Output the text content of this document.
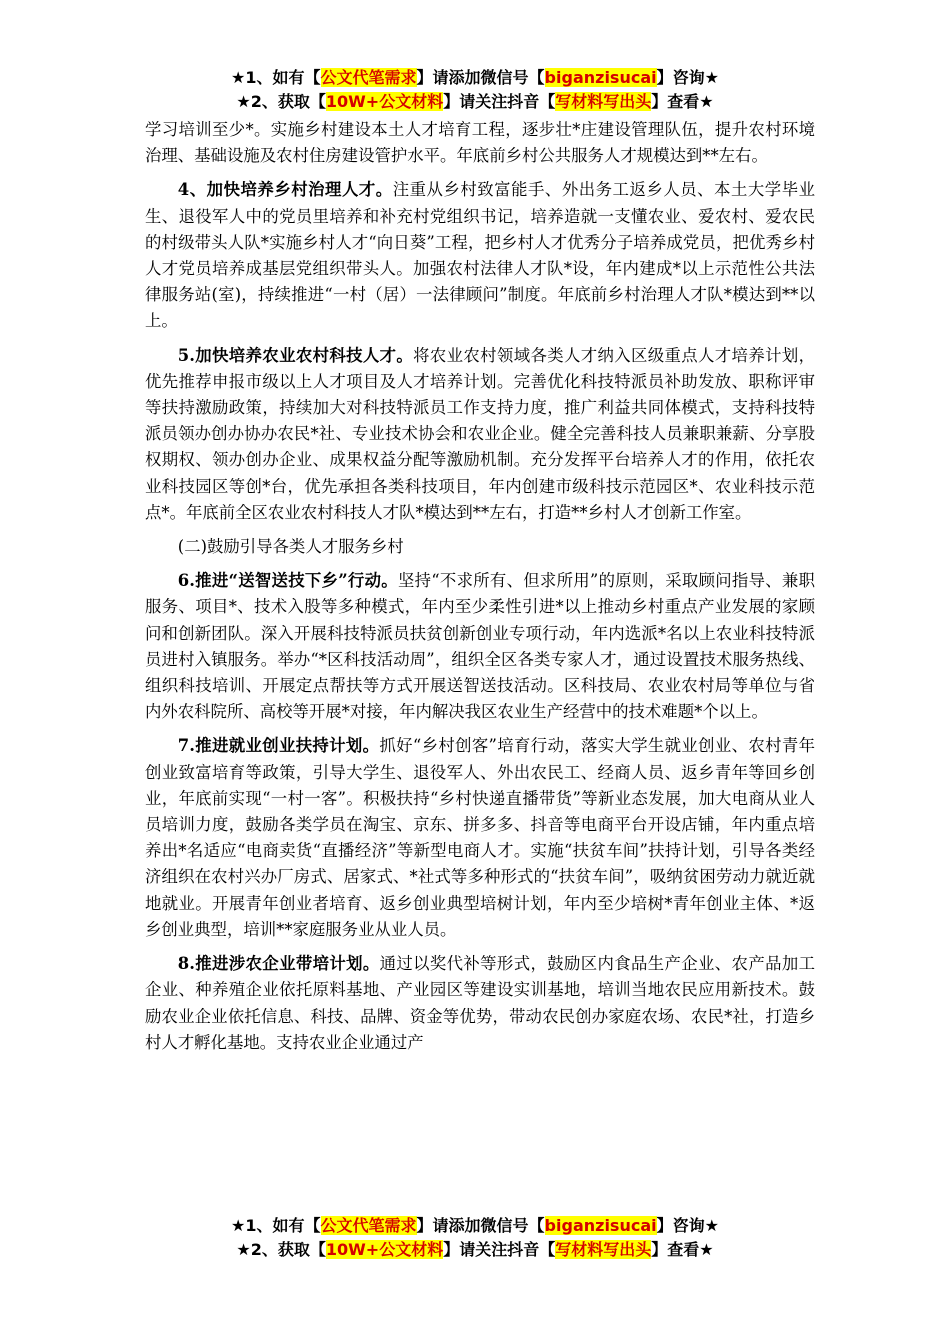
★1、如有【公文代笔需求】请添加微信号【biganzisucai】咨询★
★2、获取【10W+公文材料】请关注抖音【写材料写出头】查看★

学习培训至少*。实施乡村建设本土人才培育工程，逐步壮*庄建设管理队伍，提升农村环境治理、基础设施及农村住房建设管护水平。年底前乡村公共服务人才规模达到**左右。

4、加快培养乡村治理人才。注重从乡村致富能手、外出务工返乡人员、本土大学毕业生、退役军人中的党员里培养和补充村党组织书记，培养造就一支懂农业、爱农村、爱农民的村级带头人队*实施乡村人才“向日葵”工程，把乡村人才优秀分子培养成党员，把优秀乡村人才党员培养成基层党组织带头人。加强农村法律人才队*设，年内建成*以上示范性公共法律服务站(室)，持续推进“一村（居）一法律顾问”制度。年底前乡村治理人才队*模达到**以上。

5.加快培养农业农村科技人才。将农业农村领域各类人才纳入区级重点人才培养计划，优先推荐申报市级以上人才项目及人才培养计划。完善优化科技特派员补助发放、职称评审等扶持激励政策，持续加大对科技特派员工作支持力度，推广利益共同体模式，支持科技特派员领办创办协办农民*社、专业技术协会和农业企业。健全完善科技人员兼职兼薪、分享股权期权、领办创办企业、成果权益分配等激励机制。充分发挥平台培养人才的作用，依托农业科技园区等创*台，优先承担各类科技项目，年内创建市级科技示范园区*、农业科技示范点*。年底前全区农业农村科技人才队*模达到**左右，打造**乡村人才创新工作室。

(二)鼓励引导各类人才服务乡村

6.推进“送智送技下乡”行动。坚持“不求所有、但求所用”的原则，采取顾问指导、兼职服务、项目*、技术入股等多种模式，年内至少柔性引进*以上推动乡村重点产业发展的家顾问和创新团队。深入开展科技特派员扶贫创新创业专项行动，年内选派*名以上农业科技特派员进村入镇服务。举办“*区科技活动周”，组织全区各类专家人才，通过设置技术服务热线、组织科技培训、开展定点帮扶等方式开展送智送技活动。区科技局、农业农村局等单位与省内外农科院所、高校等开展*对接，年内解决我区农业生产经营中的技术难题*个以上。

7.推进就业创业扶持计划。抓好“乡村创客”培育行动，落实大学生就业创业、农村青年创业致富培育等政策，引导大学生、退役军人、外出农民工、经商人员、返乡青年等回乡创业，年底前实现“一村一客”。积极扶持“乡村快递直播带货”等新业态发展，加大电商从业人员培训力度，鼓励各类学员在淘宝、京东、拼多多、抖音等电商平台开设店铺，年内重点培养出*名适应“电商卖货“直播经济”等新型电商人才。实施“扶贫车间”扶持计划，引导各类经济组织在农村兴办厂房式、居家式、*社式等多种形式的“扶贫车间”，吸纳贫困劳动力就近就地就业。开展青年创业者培育、返乡创业典型培树计划，年内至少培树*青年创业主体、*返乡创业典型，培训**家庭服务业从业人员。

8.推进涉农企业带培计划。通过以奖代补等形式，鼓励区内食品生产企业、农产品加工企业、种养殖企业依托原料基地、产业园区等建设实训基地，培训当地农民应用新技术。鼓励农业企业依托信息、科技、品牌、资金等优势，带动农民创办家庭农场、农民*社，打造乡村人才孵化基地。支持农业企业通过产

★1、如有【公文代笔需求】请添加微信号【biganzisucai】咨询★
★2、获取【10W+公文材料】请关注抖音【写材料写出头】查看★
